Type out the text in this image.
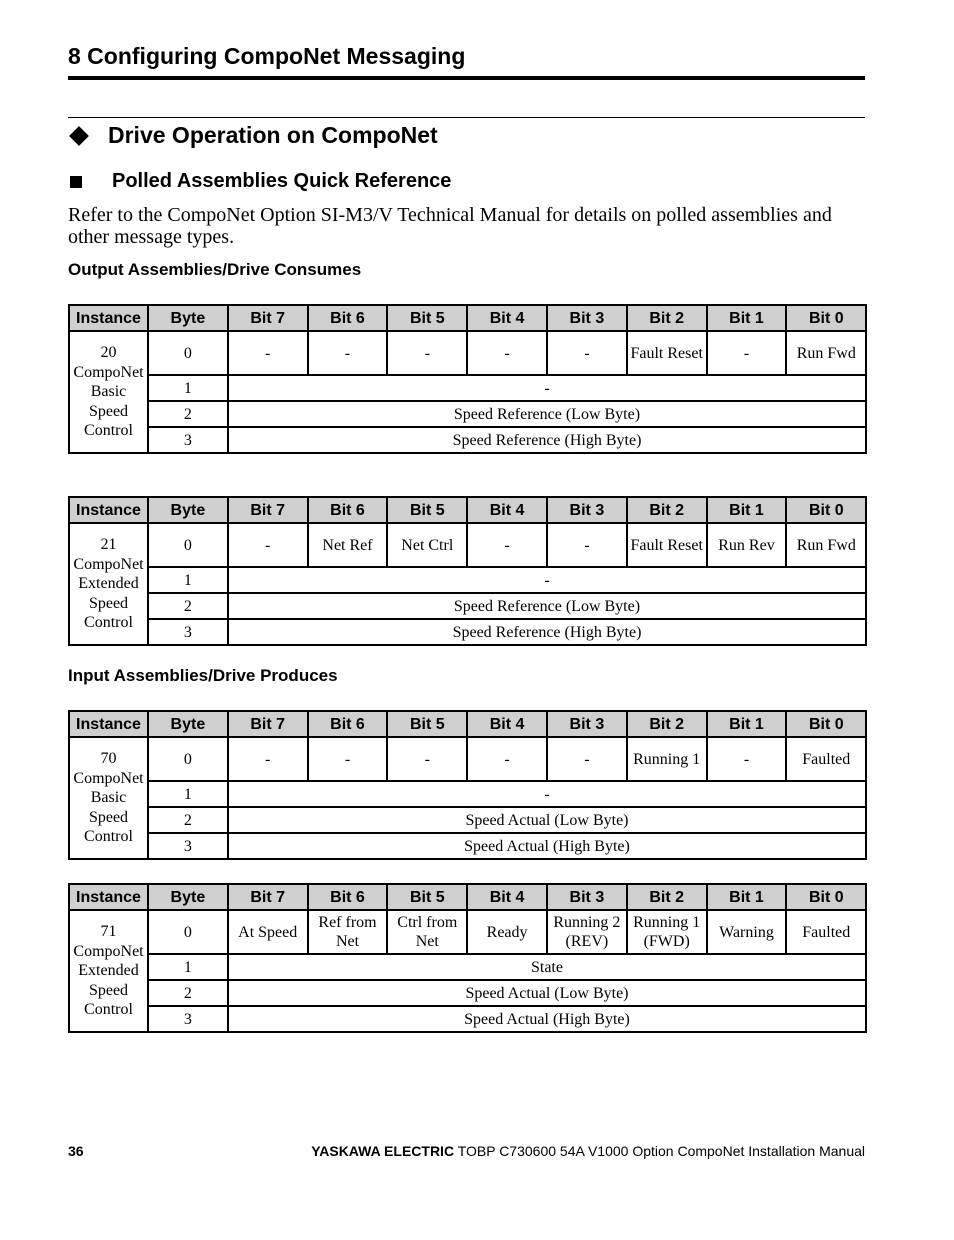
8 Configuring CompoNet Messaging
Drive Operation on CompoNet
Polled Assemblies Quick Reference

Refer to the CompoNet Option SI-M3/V Technical Manual for details on polled assemblies and other message types.

Output Assemblies/Drive Consumes
Instance	Byte	Bit 7	Bit 6	Bit 5	Bit 4	Bit 3	Bit 2	Bit 1	Bit 0
20
CompoNet
Basic
Speed
Control	0	-	-	-	-	-	Fault Reset	-	Run Fwd
	1	-							
	2	Speed Reference (Low Byte)							
	3	Speed Reference (High Byte)							
Instance	Byte	Bit 7	Bit 6	Bit 5	Bit 4	Bit 3	Bit 2	Bit 1	Bit 0
21
CompoNet
Extended
Speed
Control	0	-	Net Ref	Net Ctrl	-	-	Fault Reset	Run Rev	Run Fwd
	1	-							
	2	Speed Reference (Low Byte)							
	3	Speed Reference (High Byte)							
Input Assemblies/Drive Produces
Instance	Byte	Bit 7	Bit 6	Bit 5	Bit 4	Bit 3	Bit 2	Bit 1	Bit 0
70
CompoNet
Basic
Speed
Control	0	-	-	-	-	-	Running 1	-	Faulted
	1	-							
	2	Speed Actual (Low Byte)							
	3	Speed Actual (High Byte)							
Instance	Byte	Bit 7	Bit 6	Bit 5	Bit 4	Bit 3	Bit 2	Bit 1	Bit 0
71
CompoNet
Extended
Speed
Control	0	At Speed	Ref from Net	Ctrl from Net	Ready	Running 2 (REV)	Running 1 (FWD)	Warning	Faulted
	1	State							
	2	Speed Actual (Low Byte)							
	3	Speed Actual (High Byte)							
36	YASKAWA ELECTRIC TOBP C730600 54A V1000 Option CompoNet Installation Manual
